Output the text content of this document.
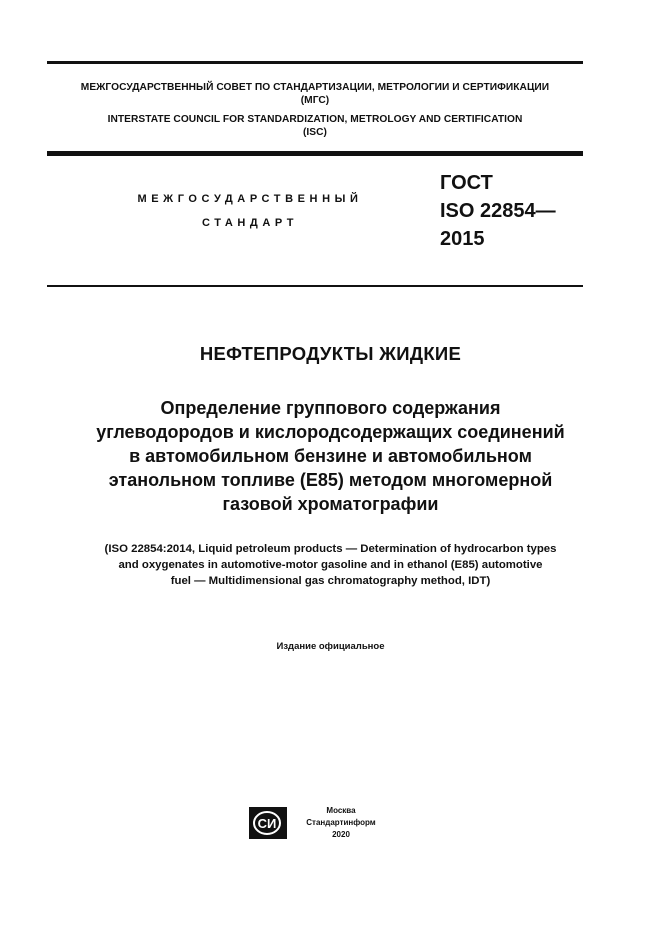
МЕЖГОСУДАРСТВЕННЫЙ СОВЕТ ПО СТАНДАРТИЗАЦИИ, МЕТРОЛОГИИ И СЕРТИФИКАЦИИ
(МГС)
INTERSTATE COUNCIL FOR STANDARDIZATION, METROLOGY AND CERTIFICATION
(ISC)
МЕЖГОСУДАРСТВЕННЫЙ
СТАНДАРТ
ГОСТ
ISO 22854—
2015
НЕФТЕПРОДУКТЫ ЖИДКИЕ
Определение группового содержания
углеводородов и кислородсодержащих соединений
в автомобильном бензине и автомобильном
этанольном топливе (E85) методом многомерной
газовой хроматографии
(ISO 22854:2014, Liquid petroleum products — Determination of hydrocarbon types
and oxygenates in automotive-motor gasoline and in ethanol (E85) automotive
fuel — Multidimensional gas chromatography method, IDT)
Издание официальное
СИ
Москва
Стандартинформ
2020
